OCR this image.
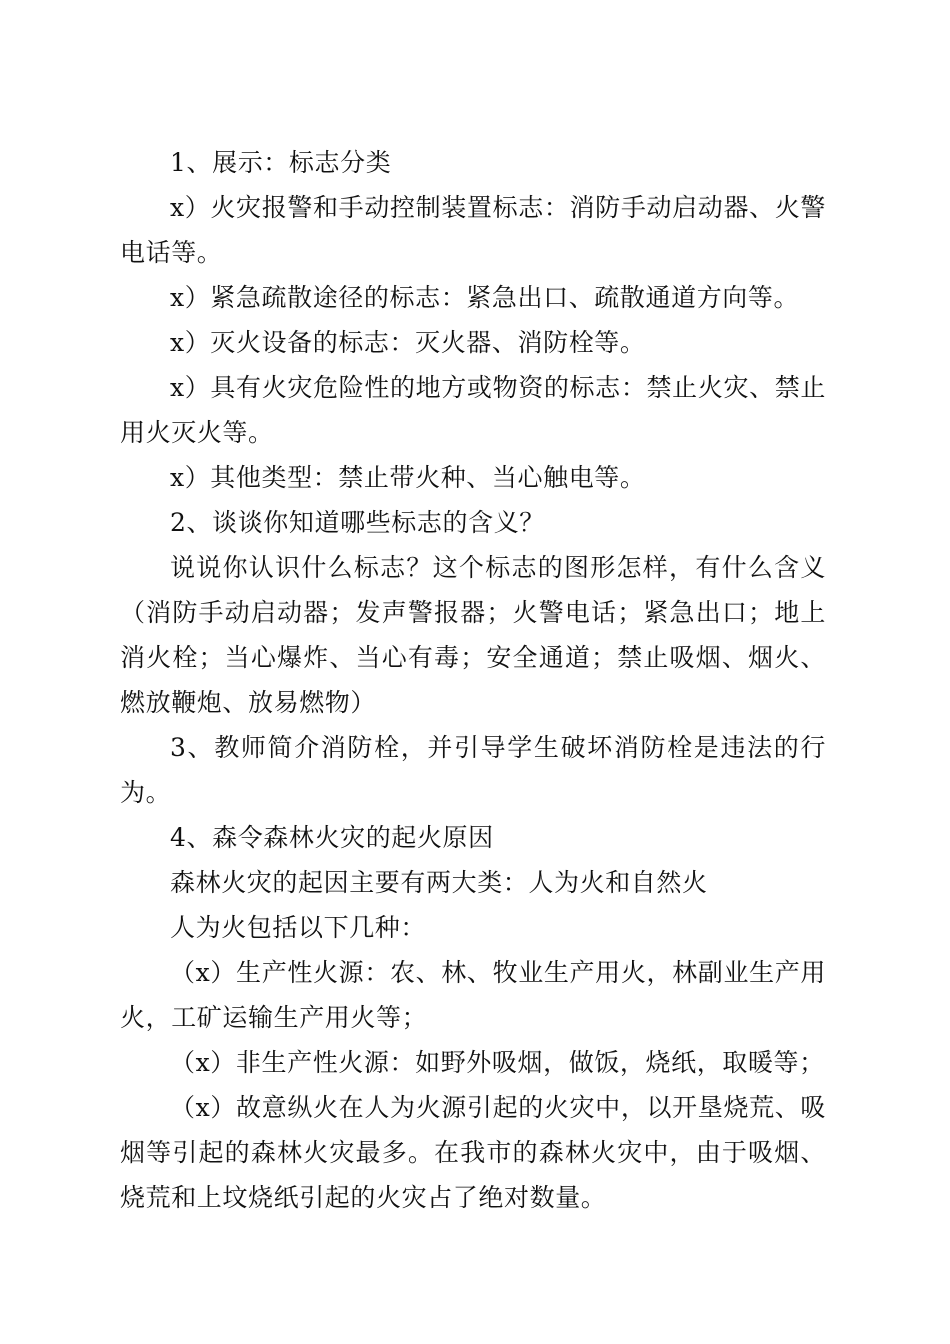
1、展示：标志分类

x）火灾报警和手动控制装置标志：消防手动启动器、火警电话等。

x）紧急疏散途径的标志：紧急出口、疏散通道方向等。

x）灭火设备的标志：灭火器、消防栓等。

x）具有火灾危险性的地方或物资的标志：禁止火灾、禁止用火灭火等。

x）其他类型：禁止带火种、当心触电等。

2、谈谈你知道哪些标志的含义？

说说你认识什么标志？这个标志的图形怎样，有什么含义（消防手动启动器；发声警报器；火警电话；紧急出口；地上消火栓；当心爆炸、当心有毒；安全通道；禁止吸烟、烟火、燃放鞭炮、放易燃物）

3、教师简介消防栓，并引导学生破坏消防栓是违法的行为。

4、森令森林火灾的起火原因

森林火灾的起因主要有两大类：人为火和自然火

人为火包括以下几种：

（x）生产性火源：农、林、牧业生产用火，林副业生产用火，工矿运输生产用火等；

（x）非生产性火源：如野外吸烟，做饭，烧纸，取暖等；

（x）故意纵火在人为火源引起的火灾中，以开垦烧荒、吸烟等引起的森林火灾最多。在我市的森林火灾中，由于吸烟、烧荒和上坟烧纸引起的火灾占了绝对数量。
